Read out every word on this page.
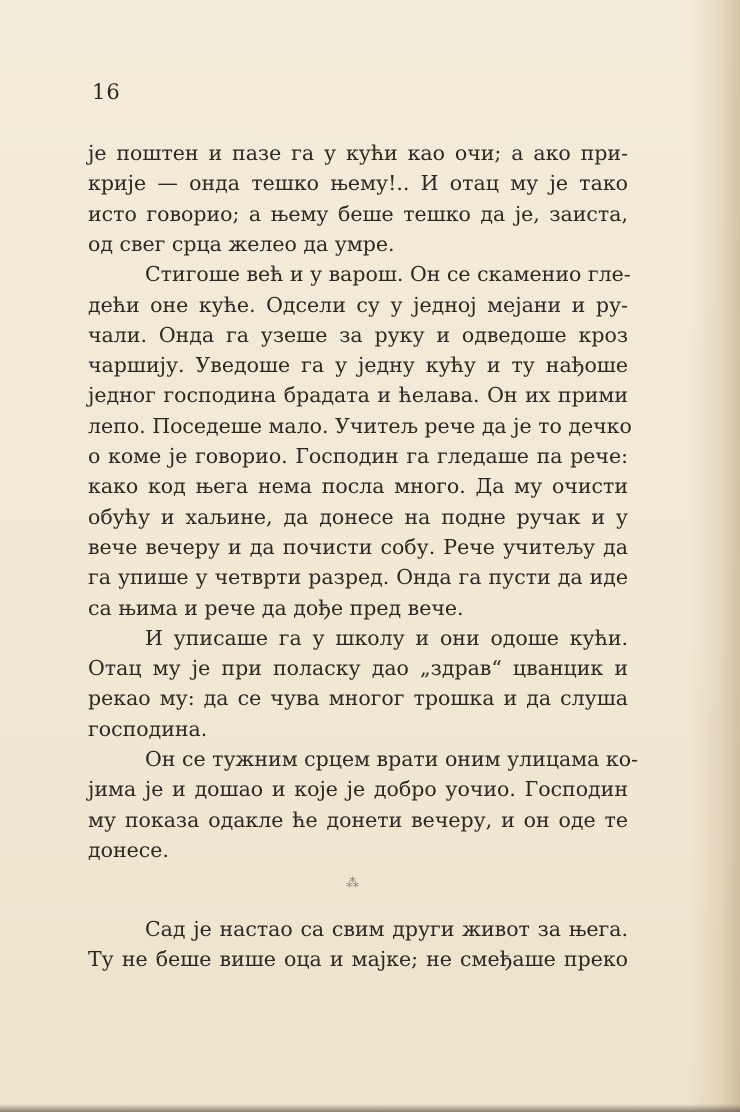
16
је поштен и пазе га у кући као очи; а ако при-
крије — онда тешко њему!.. И отац му је тако
исто говорио; а њему беше тешко да је, заиста,
од свег срца желео да умре.
Стигоше већ и у варош. Он се скаменио гле-
дећи оне куће. Одсели су у једној мејани и ру-
чали. Онда га узеше за руку и одведоше кроз
чаршију. Уведоше га у једну кућу и ту нађоше
једног господина брадата и ћелава. Он их прими
лепо. Поседеше мало. Учитељ рече да је то дечко
о коме је говорио. Господин га гледаше па рече:
како код њега нема посла много. Да му очисти
обућу и хаљине, да донесе на подне ручак и у
вече вечеру и да почисти собу. Рече учитељу да
га упише у четврти разред. Онда га пусти да иде
са њима и рече да дође пред вече.
И уписаше га у школу и они одоше кући.
Отац му је при поласку дао „здрав“ цванцик и
рекао му: да се чува многог трошка и да слуша
господина.
Он се тужним срцем врати оним улицама ко-
јима је и дошао и које је добро уочио. Господин
му показа одакле ће донети вечеру, и он оде те
донесе.
Сад је настао са свим други живот за њега.
Ту не беше више оца и мајке; не смеђаше преко
⁂
